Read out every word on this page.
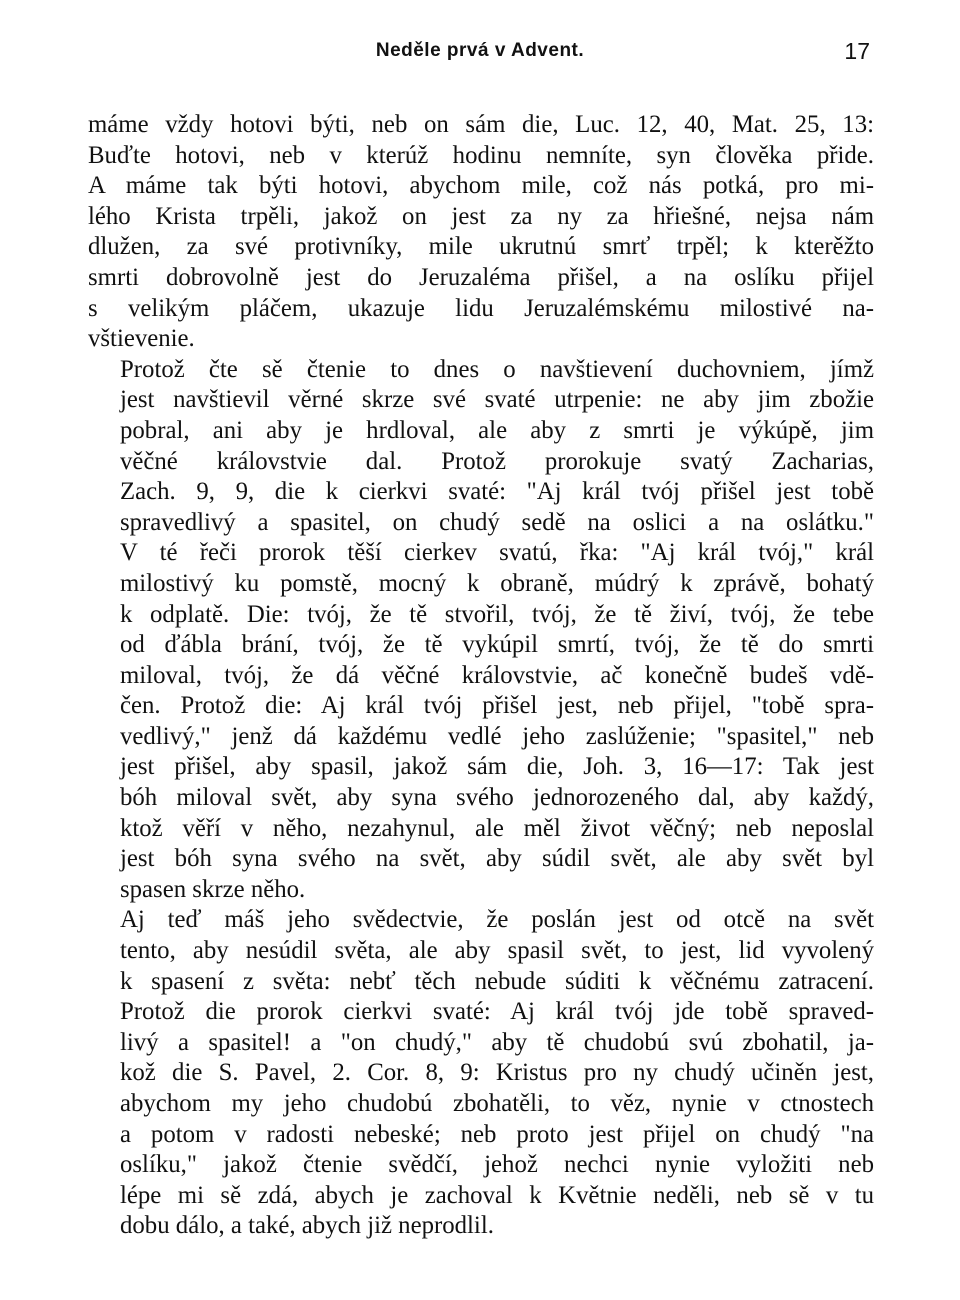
Neděle prvá v Advent.	17
máme vždy hotovi býti, neb on sám die, Luc. 12, 40, Mat. 25, 13:
Buďte hotovi, neb v kterúž hodinu nemníte, syn člověka přide.
A máme tak býti hotovi, abychom mile, což nás potká, pro mi-
lého Krista trpěli, jakož on jest za ny za hřiešné, nejsa nám
dlužen, za své protivníky, mile ukrutnú smrť trpěl; k kterěžto
smrti dobrovolně jest do Jeruzaléma přišel, a na oslíku přijel
s velikým pláčem, ukazuje lidu Jeruzalémskému milostivé na-
vštievenie.
Protož čte sě čtenie to dnes o navštievení duchovniem, jímž
jest navštievil věrné skrze své svaté utrpenie: ne aby jim zbožie
pobral, ani aby je hrdloval, ale aby z smrti je výkúpě, jim
věčné královstvie dal. Protož prorokuje svatý Zacharias,
Zach. 9, 9, die k cierkvi svaté: "Aj král tvój přišel jest tobě
spravedlivý a spasitel, on chudý sedě na oslici a na oslátku."
V té řeči prorok těší cierkev svatú, řka: "Aj král tvój," král
milostivý ku pomstě, mocný k obraně, múdrý k zprávě, bohatý
k odplatě. Die: tvój, že tě stvořil, tvój, že tě živí, tvój, že tebe
od ďábla brání, tvój, že tě vykúpil smrtí, tvój, že tě do smrti
miloval, tvój, že dá věčné královstvie, ač konečně budeš vdě-
čen. Protož die: Aj král tvój přišel jest, neb přijel, "tobě spra-
vedlivý," jenž dá každému vedlé jeho zaslúženie; "spasitel," neb
jest přišel, aby spasil, jakož sám die, Joh. 3, 16—17: Tak jest
bóh miloval svět, aby syna svého jednorozeného dal, aby každý,
ktož věří v něho, nezahynul, ale měl život věčný; neb neposlal
jest bóh syna svého na svět, aby súdil svět, ale aby svět byl
spasen skrze něho.
Aj teď máš jeho svědectvie, že poslán jest od otcě na svět
tento, aby nesúdil světa, ale aby spasil svět, to jest, lid vyvolený
k spasení z světa: nebť těch nebude súditi k věčnému zatracení.
Protož die prorok cierkvi svaté: Aj král tvój jde tobě spraved-
livý a spasitel! a "on chudý," aby tě chudobú svú zbohatil, ja-
kož die S. Pavel, 2. Cor. 8, 9: Kristus pro ny chudý učiněn jest,
abychom my jeho chudobú zbohatěli, to věz, nynie v ctnostech
a potom v radosti nebeské; neb proto jest přijel on chudý "na
oslíku," jakož čtenie svědčí, jehož nechci nynie vyložiti neb
lépe mi sě zdá, abych je zachoval k Květnie neděli, neb sě v tu
dobu dálo, a také, abych již neprodlil.
